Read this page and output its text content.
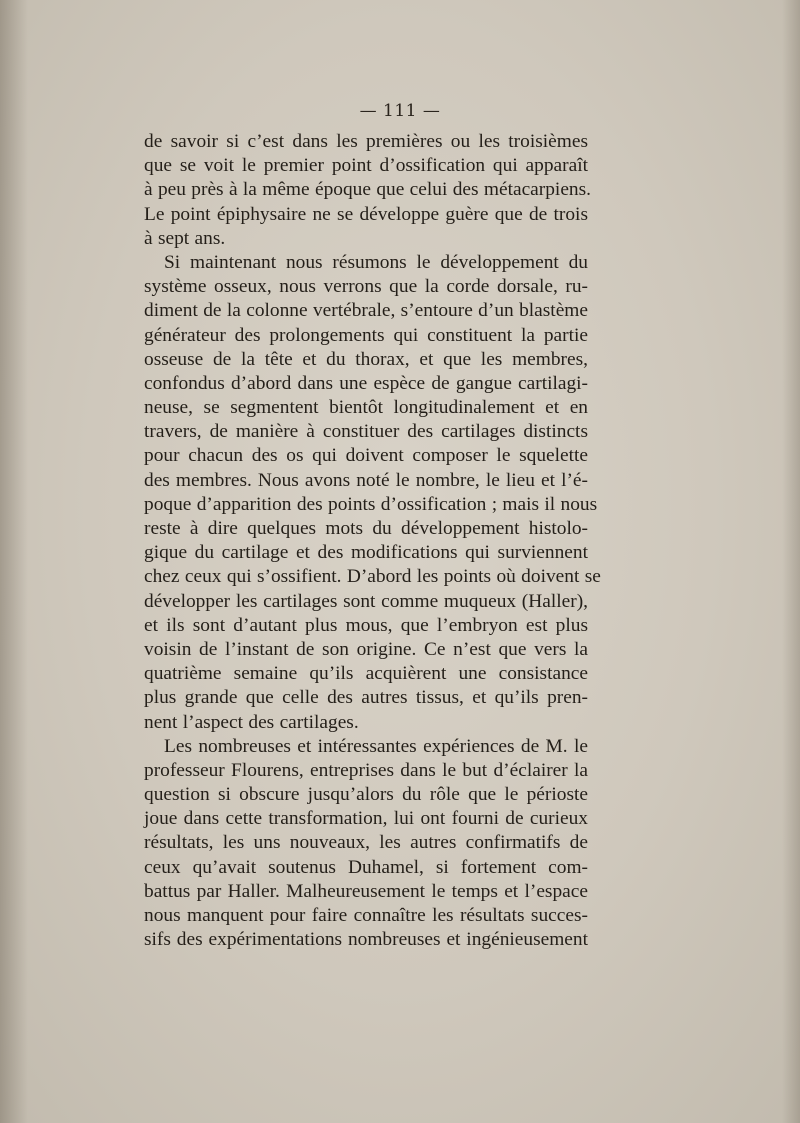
— 111 —
de savoir si c’est dans les premières ou les troisièmes
que se voit le premier point d’ossification qui apparaît
à peu près à la même époque que celui des métacarpiens.
Le point épiphysaire ne se développe guère que de trois
à sept ans.
Si maintenant nous résumons le développement du
système osseux, nous verrons que la corde dorsale, ru-
diment de la colonne vertébrale, s’entoure d’un blastème
générateur des prolongements qui constituent la partie
osseuse de la tête et du thorax, et que les membres,
confondus d’abord dans une espèce de gangue cartilagi-
neuse, se segmentent bientôt longitudinalement et en
travers, de manière à constituer des cartilages distincts
pour chacun des os qui doivent composer le squelette
des membres. Nous avons noté le nombre, le lieu et l’é-
poque d’apparition des points d’ossification ; mais il nous
reste à dire quelques mots du développement histolo-
gique du cartilage et des modifications qui surviennent
chez ceux qui s’ossifient. D’abord les points où doivent se
développer les cartilages sont comme muqueux (Haller),
et ils sont d’autant plus mous, que l’embryon est plus
voisin de l’instant de son origine. Ce n’est que vers la
quatrième semaine qu’ils acquièrent une consistance
plus grande que celle des autres tissus, et qu’ils pren-
nent l’aspect des cartilages.
Les nombreuses et intéressantes expériences de M. le
professeur Flourens, entreprises dans le but d’éclairer la
question si obscure jusqu’alors du rôle que le périoste
joue dans cette transformation, lui ont fourni de curieux
résultats, les uns nouveaux, les autres confirmatifs de
ceux qu’avait soutenus Duhamel, si fortement com-
battus par Haller. Malheureusement le temps et l’espace
nous manquent pour faire connaître les résultats succes-
sifs des expérimentations nombreuses et ingénieusement
